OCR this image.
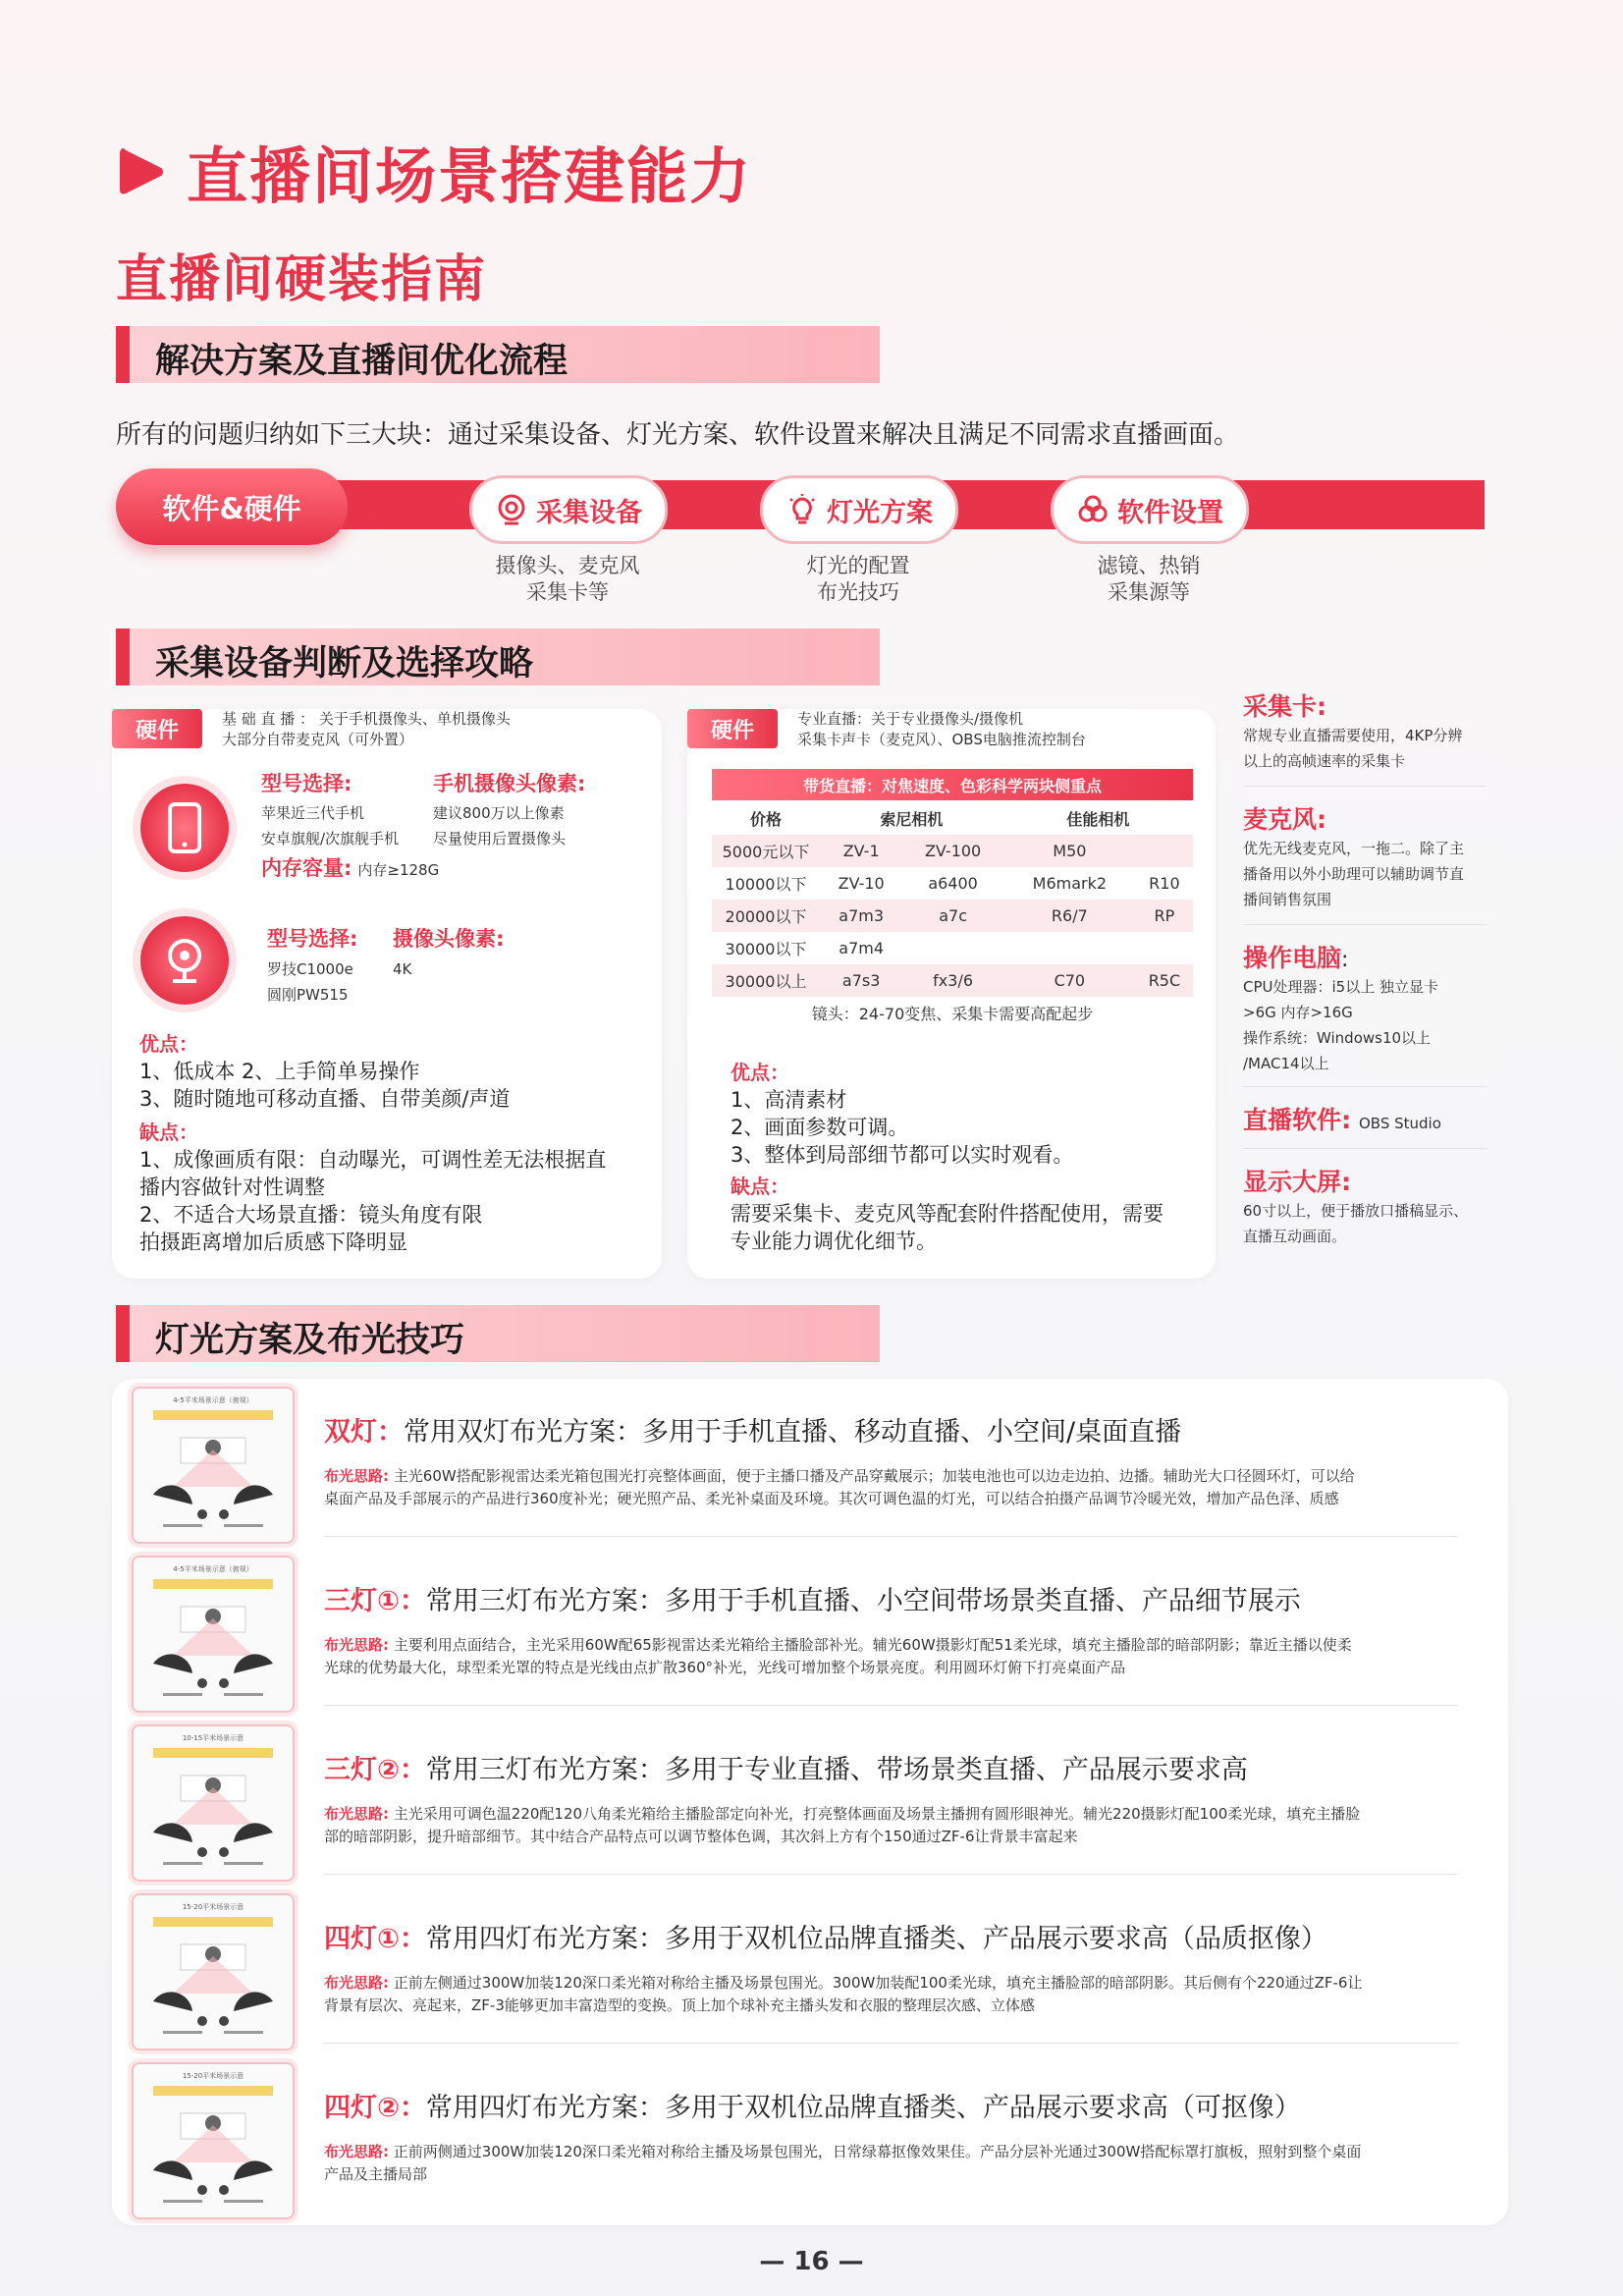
直播间场景搭建能力
直播间硬装指南
解决方案及直播间优化流程
所有的问题归纳如下三大块：通过采集设备、灯光方案、软件设置来解决且满足不同需求直播画面。
软件&硬件	采集设备	灯光方案	软件设置
摄像头、麦克风
采集卡等
灯光的配置
布光技巧
滤镜、热销
采集源等
采集设备判断及选择攻略
硬件	基 础 直 播 ： 关于手机摄像头、单机摄像头
大部分自带麦克风（可外置）
型号选择:
苹果近三代手机
安卓旗舰/次旗舰手机
手机摄像头像素:
建议800万以上像素
尽量使用后置摄像头
内存容量: 内存≥128G
型号选择:
罗技C1000e
圆刚PW515
摄像头像素:
4K
优点：
1、低成本 2、上手简单易操作
3、随时随地可移动直播、自带美颜/声道
缺点：
1、成像画质有限：自动曝光，可调性差无法根据直
播内容做针对性调整
2、不适合大场景直播：镜头角度有限
拍摄距离增加后质感下降明显
硬件	专业直播：关于专业摄像头/摄像机
采集卡声卡（麦克风）、OBS电脑推流控制台
带货直播：对焦速度、色彩科学两块侧重点
价格	索尼相机		佳能相机	
5000元以下	ZV-1	ZV-100	M50	
10000以下	ZV-10	a6400	M6mark2	R10
20000以下	a7m3	a7c	R6/7	RP
30000以下	a7m4			
30000以上	a7s3	fx3/6	C70	R5C
镜头：24-70变焦、采集卡需要高配起步				
优点：
1、高清素材
2、画面参数可调。
3、整体到局部细节都可以实时观看。
缺点：
需要采集卡、麦克风等配套附件搭配使用，需要
专业能力调优化细节。
采集卡:
常规专业直播需要使用，4KP分辨
以上的高帧速率的采集卡
麦克风:
优先无线麦克风，一拖二。除了主
播备用以外小助理可以辅助调节直
播间销售氛围
操作电脑:
CPU处理器：i5以上 独立显卡
>6G 内存>16G
操作系统：Windows10以上
/MAC14以上
直播软件: OBS Studio
显示大屏:
60寸以上，便于播放口播稿显示、
直播互动画面。
灯光方案及布光技巧
4-5平米场景示意（俯视）
双灯：常用双灯布光方案：多用于手机直播、移动直播、小空间/桌面直播
布光思路: 主光60W搭配影视雷达柔光箱包围光打亮整体画面，便于主播口播及产品穿戴展示；加装电池也可以边走边拍、边播。辅助光大口径圆环灯，可以给
桌面产品及手部展示的产品进行360度补光；硬光照产品、柔光补桌面及环境。其次可调色温的灯光，可以结合拍摄产品调节冷暖光效，增加产品色泽、质感
4-5平米场景示意（俯视）
三灯①：常用三灯布光方案：多用于手机直播、小空间带场景类直播、产品细节展示
布光思路: 主要利用点面结合，主光采用60W配65影视雷达柔光箱给主播脸部补光。辅光60W摄影灯配51柔光球，填充主播脸部的暗部阴影；靠近主播以使柔
光球的优势最大化，球型柔光罩的特点是光线由点扩散360°补光，光线可增加整个场景亮度。利用圆环灯俯下打亮桌面产品
10-15平米场景示意
三灯②：常用三灯布光方案：多用于专业直播、带场景类直播、产品展示要求高
布光思路: 主光采用可调色温220配120八角柔光箱给主播脸部定向补光，打亮整体画面及场景主播拥有圆形眼神光。辅光220摄影灯配100柔光球，填充主播脸
部的暗部阴影，提升暗部细节。其中结合产品特点可以调节整体色调，其次斜上方有个150通过ZF-6让背景丰富起来
15-20平米场景示意
四灯①：常用四灯布光方案：多用于双机位品牌直播类、产品展示要求高（品质抠像）
布光思路: 正前左侧通过300W加装120深口柔光箱对称给主播及场景包围光。300W加装配100柔光球，填充主播脸部的暗部阴影。其后侧有个220通过ZF-6让
背景有层次、亮起来，ZF-3能够更加丰富造型的变换。顶上加个球补充主播头发和衣服的整理层次感、立体感
15-20平米场景示意
四灯②：常用四灯布光方案：多用于双机位品牌直播类、产品展示要求高（可抠像）
布光思路: 正前两侧通过300W加装120深口柔光箱对称给主播及场景包围光，日常绿幕抠像效果佳。产品分层补光通过300W搭配标罩打旗板，照射到整个桌面
产品及主播局部
— 16 —
